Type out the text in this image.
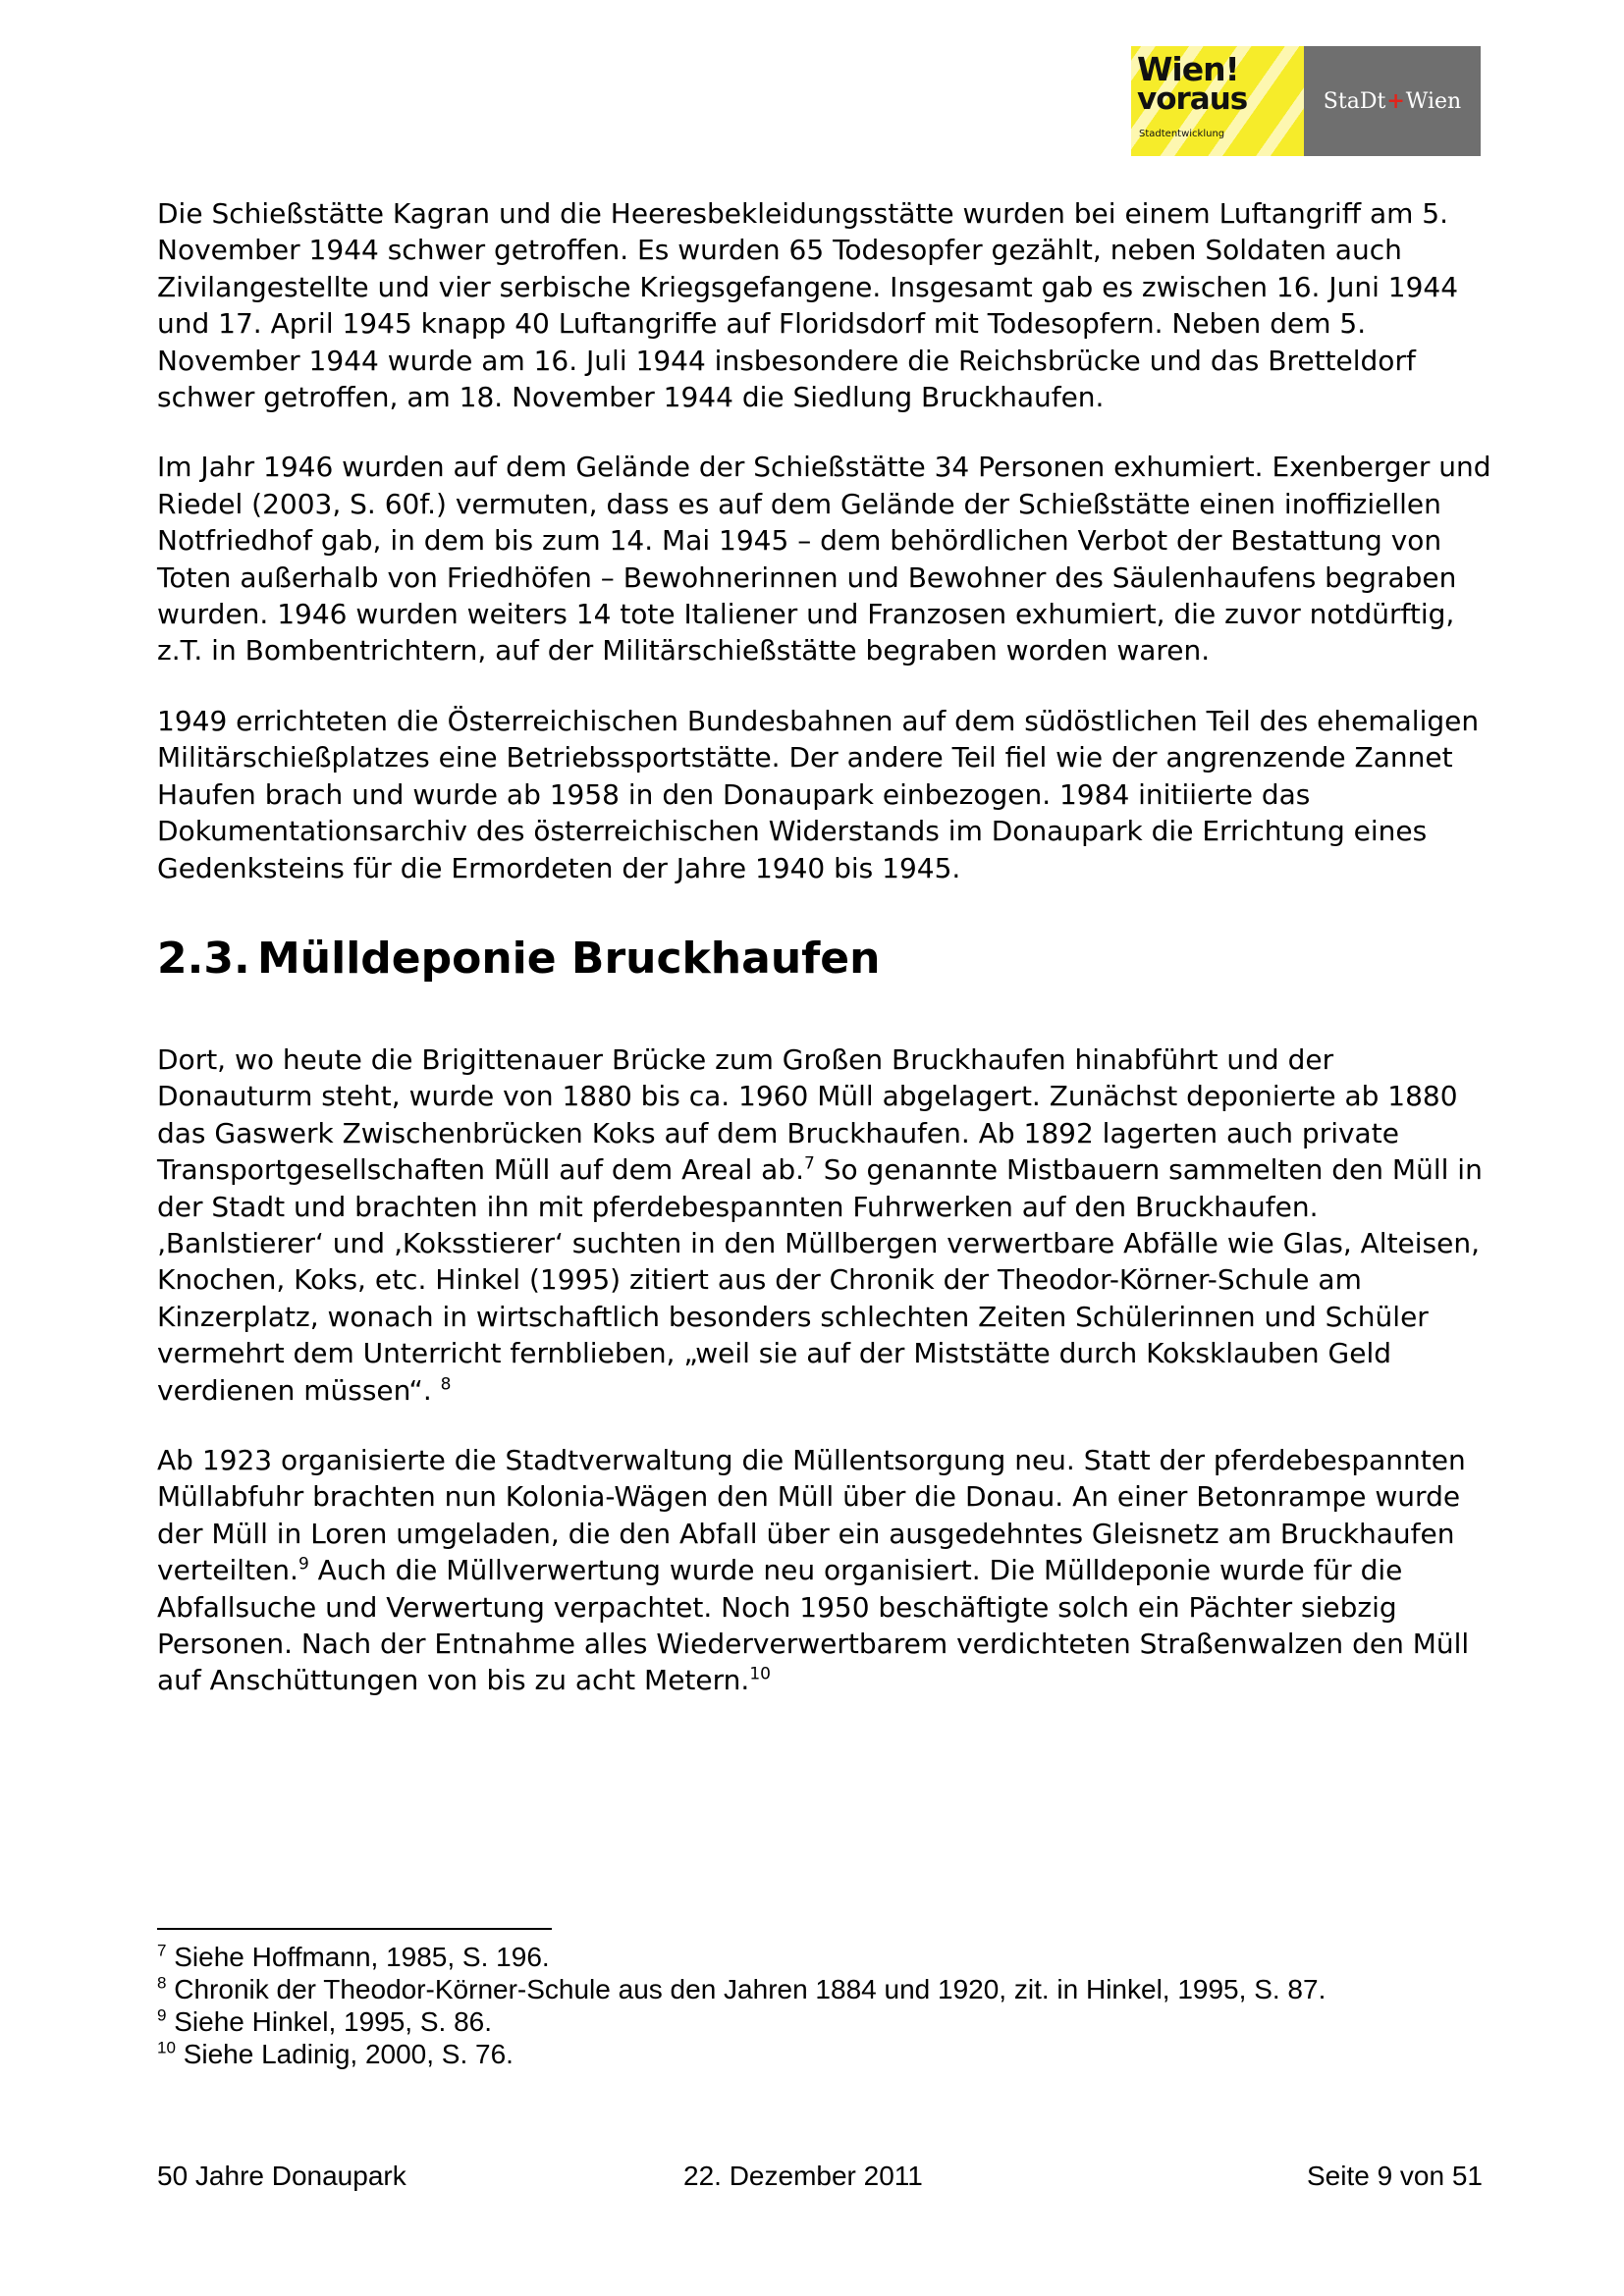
Wien!
voraus
Stadtentwicklung
StaDt + Wien

Die Schießstätte Kagran und die Heeresbekleidungsstätte wurden bei einem Luftangriff am 5. November 1944 schwer getroffen. Es wurden 65 Todesopfer gezählt, neben Soldaten auch Zivilangestellte und vier serbische Kriegsgefangene. Insgesamt gab es zwischen 16. Juni 1944 und 17. April 1945 knapp 40 Luftangriffe auf Floridsdorf mit Todesopfern. Neben dem 5. November 1944 wurde am 16. Juli 1944 insbesondere die Reichsbrücke und das Bretteldorf schwer getroffen, am 18. November 1944 die Siedlung Bruckhaufen.

Im Jahr 1946 wurden auf dem Gelände der Schießstätte 34 Personen exhumiert. Exenberger und Riedel (2003, S. 60f.) vermuten, dass es auf dem Gelände der Schießstätte einen inoffiziellen Notfriedhof gab, in dem bis zum 14. Mai 1945 – dem behördlichen Verbot der Bestattung von Toten außerhalb von Friedhöfen – Bewohnerinnen und Bewohner des Säulenhaufens begraben wurden. 1946 wurden weiters 14 tote Italiener und Franzosen exhumiert, die zuvor notdürftig, z.T. in Bombentrichtern, auf der Militärschießstätte begraben worden waren.

1949 errichteten die Österreichischen Bundesbahnen auf dem südöstlichen Teil des ehemaligen Militärschießplatzes eine Betriebssportstätte. Der andere Teil fiel wie der angrenzende Zannet Haufen brach und wurde ab 1958 in den Donaupark einbezogen. 1984 initiierte das Dokumentationsarchiv des österreichischen Widerstands im Donaupark die Errichtung eines Gedenksteins für die Ermordeten der Jahre 1940 bis 1945.

2.3. Mülldeponie Bruckhaufen

Dort, wo heute die Brigittenauer Brücke zum Großen Bruckhaufen hinabführt und der Donauturm steht, wurde von 1880 bis ca. 1960 Müll abgelagert. Zunächst deponierte ab 1880 das Gaswerk Zwischenbrücken Koks auf dem Bruckhaufen. Ab 1892 lagerten auch private Transportgesellschaften Müll auf dem Areal ab.$^7$ So genannte Mistbauern sammelten den Müll in der Stadt und brachten ihn mit pferdebespannten Fuhrwerken auf den Bruckhaufen. ‚Banlstierer‘ und ‚Koksstierer‘ suchten in den Müllbergen verwertbare Abfälle wie Glas, Alteisen, Knochen, Koks, etc. Hinkel (1995) zitiert aus der Chronik der Theodor-Körner-Schule am Kinzerplatz, wonach in wirtschaftlich besonders schlechten Zeiten Schülerinnen und Schüler vermehrt dem Unterricht fernblieben, „weil sie auf der Miststätte durch Koksklauben Geld verdienen müssen“. $^8$

Ab 1923 organisierte die Stadtverwaltung die Müllentsorgung neu. Statt der pferdebespannten Müllabfuhr brachten nun Kolonia-Wägen den Müll über die Donau. An einer Betonrampe wurde der Müll in Loren umgeladen, die den Abfall über ein ausgedehntes Gleisnetz am Bruckhaufen verteilten.$^9$ Auch die Müllverwertung wurde neu organisiert. Die Mülldeponie wurde für die Abfallsuche und Verwertung verpachtet. Noch 1950 beschäftigte solch ein Pächter siebzig Personen. Nach der Entnahme alles Wiederverwertbarem verdichteten Straßenwalzen den Müll auf Anschüttungen von bis zu acht Metern.$^{10}$

$^7$ Siehe Hoffmann, 1985, S. 196.

$^8$ Chronik der Theodor-Körner-Schule aus den Jahren 1884 und 1920, zit. in Hinkel, 1995, S. 87.

$^9$ Siehe Hinkel, 1995, S. 86.

$^{10}$ Siehe Ladinig, 2000, S. 76.

50 Jahre Donaupark	22. Dezember 2011	Seite 9 von 51
